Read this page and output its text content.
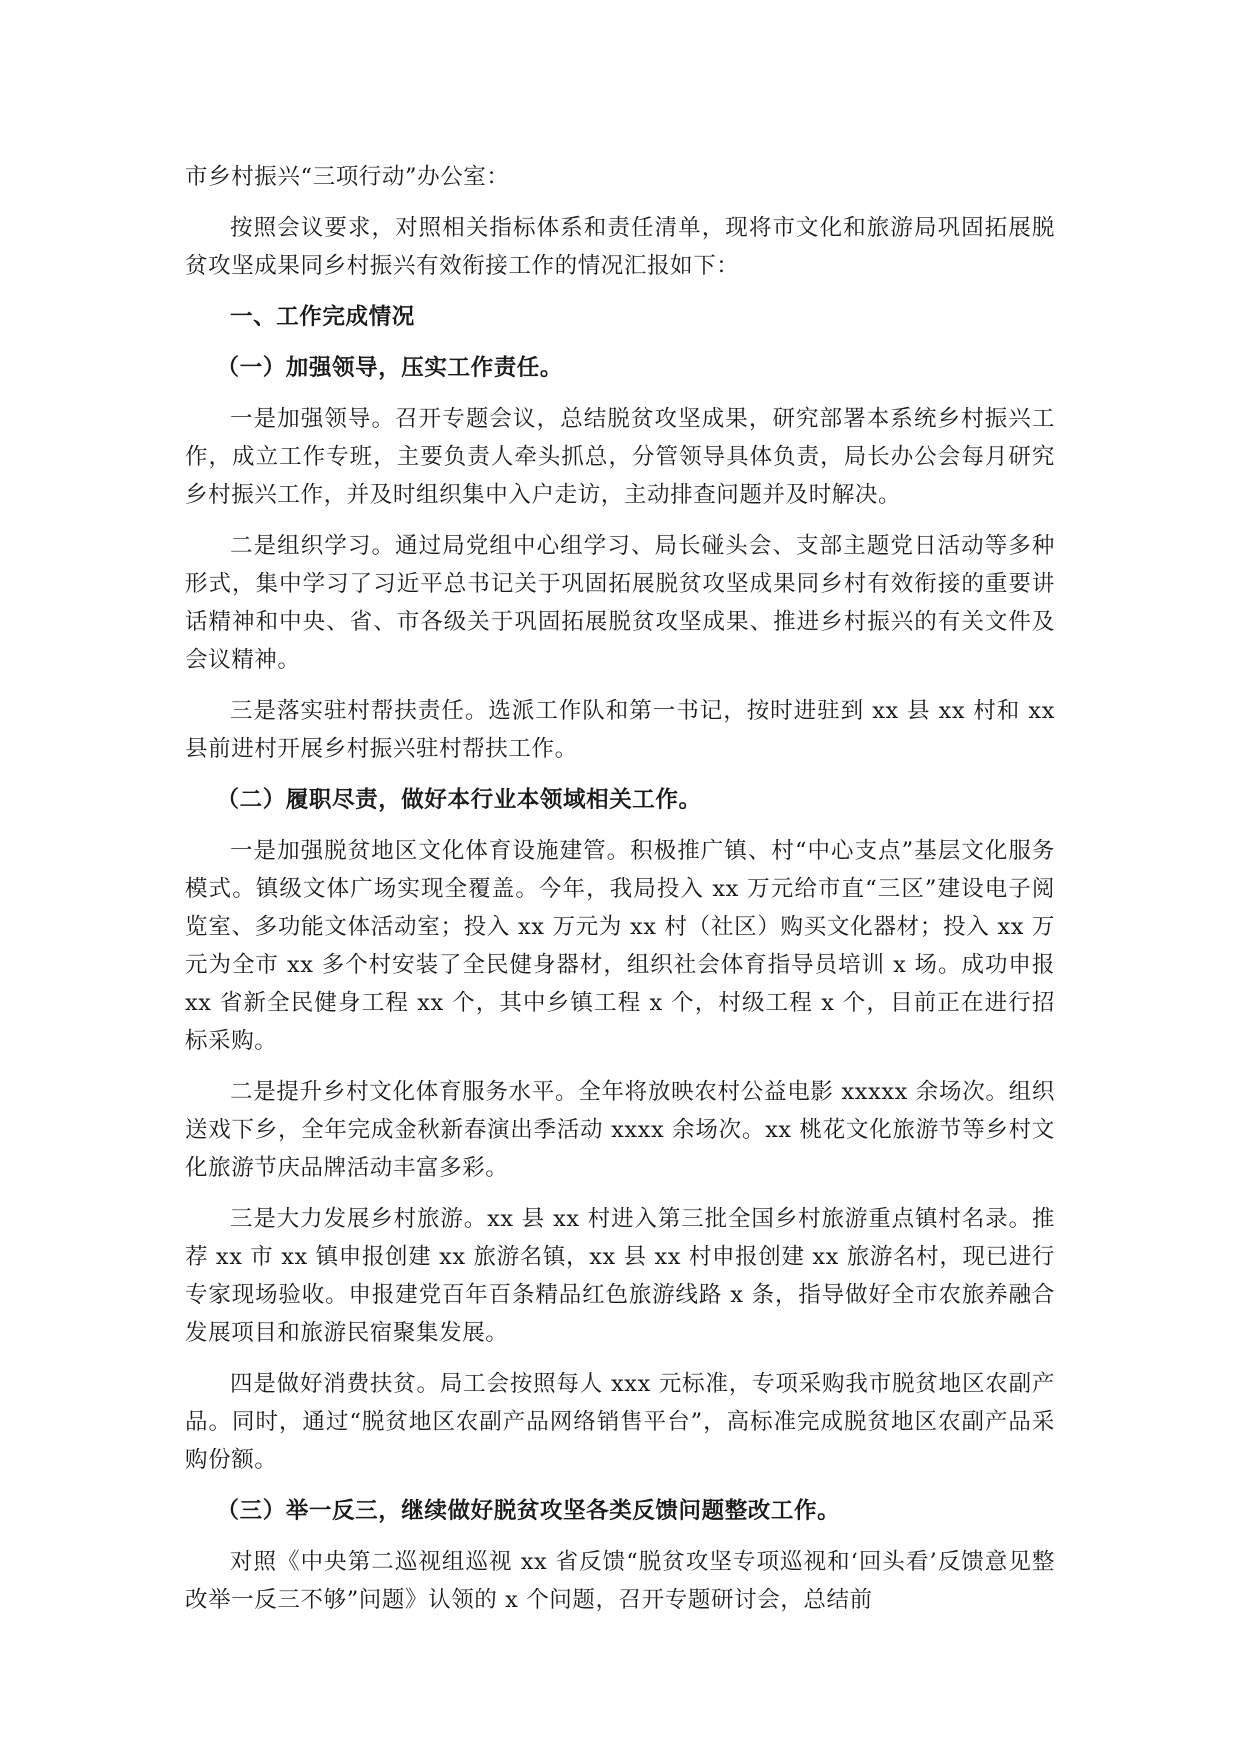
市乡村振兴“三项行动”办公室：

按照会议要求，对照相关指标体系和责任清单，现将市文化和旅游局巩固拓展脱贫攻坚成果同乡村振兴有效衔接工作的情况汇报如下：

一、工作完成情况

（一）加强领导，压实工作责任。

一是加强领导。召开专题会议，总结脱贫攻坚成果，研究部署本系统乡村振兴工作，成立工作专班，主要负责人牵头抓总，分管领导具体负责，局长办公会每月研究乡村振兴工作，并及时组织集中入户走访，主动排查问题并及时解决。

二是组织学习。通过局党组中心组学习、局长碰头会、支部主题党日活动等多种形式，集中学习了习近平总书记关于巩固拓展脱贫攻坚成果同乡村有效衔接的重要讲话精神和中央、省、市各级关于巩固拓展脱贫攻坚成果、推进乡村振兴的有关文件及会议精神。

三是落实驻村帮扶责任。选派工作队和第一书记，按时进驻到 xx 县 xx 村和 xx 县前进村开展乡村振兴驻村帮扶工作。

（二）履职尽责，做好本行业本领域相关工作。

一是加强脱贫地区文化体育设施建管。积极推广镇、村“中心支点”基层文化服务模式。镇级文体广场实现全覆盖。今年，我局投入 xx 万元给市直“三区”建设电子阅览室、多功能文体活动室；投入 xx 万元为 xx 村（社区）购买文化器材；投入 xx 万元为全市 xx 多个村安装了全民健身器材，组织社会体育指导员培训 x 场。成功申报 xx 省新全民健身工程 xx 个，其中乡镇工程 x 个，村级工程 x 个，目前正在进行招标采购。

二是提升乡村文化体育服务水平。全年将放映农村公益电影 xxxxx 余场次。组织送戏下乡，全年完成金秋新春演出季活动 xxxx 余场次。xx 桃花文化旅游节等乡村文化旅游节庆品牌活动丰富多彩。

三是大力发展乡村旅游。xx 县 xx 村进入第三批全国乡村旅游重点镇村名录。推荐 xx 市 xx 镇申报创建 xx 旅游名镇，xx 县 xx 村申报创建 xx 旅游名村，现已进行专家现场验收。申报建党百年百条精品红色旅游线路 x 条，指导做好全市农旅养融合发展项目和旅游民宿聚集发展。

四是做好消费扶贫。局工会按照每人 xxx 元标准，专项采购我市脱贫地区农副产品。同时，通过“脱贫地区农副产品网络销售平台”，高标准完成脱贫地区农副产品采购份额。

（三）举一反三，继续做好脱贫攻坚各类反馈问题整改工作。

对照《中央第二巡视组巡视 xx 省反馈“脱贫攻坚专项巡视和‘回头看’反馈意见整改举一反三不够”问题》认领的 x 个问题，召开专题研讨会，总结前
